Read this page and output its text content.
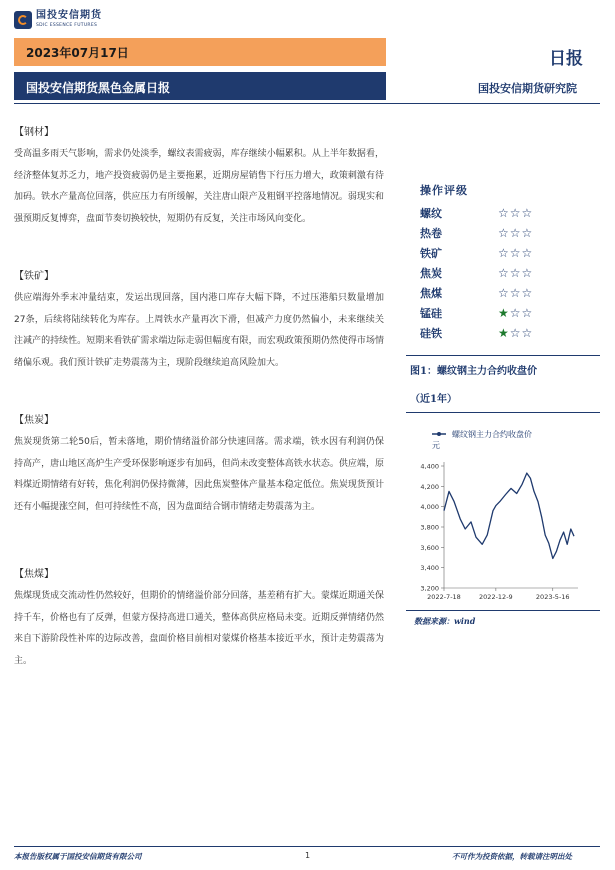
国投安信期货
SDIC ESSENCE FUTURES
2023年07月17日	日报
国投安信期货黑色金属日报	国投安信期货研究院
【钢材】
受高温多雨天气影响，需求仍处淡季，螺纹表需疲弱，库存继续小幅累积。从上半年数据看，经济整体复苏乏力，地产投资疲弱仍是主要拖累，近期房屋销售下行压力增大，政策刺激有待加码。铁水产量高位回落，供应压力有所缓解，关注唐山限产及粗钢平控落地情况。弱现实和强预期反复博弈，盘面节奏切换较快，短期仍有反复，关注市场风向变化。
【铁矿】
供应端海外季末冲量结束，发运出现回落，国内港口库存大幅下降，不过压港船只数量增加27条，后续将陆续转化为库存。上周铁水产量再次下滑，但减产力度仍然偏小，未来继续关注减产的持续性。短期来看铁矿需求端边际走弱但幅度有限，而宏观政策预期仍然使得市场情绪偏乐观。我们预计铁矿走势震荡为主，现阶段继续追高风险加大。
【焦炭】
焦炭现货第二轮50后，暂未落地，期价情绪溢价部分快速回落。需求端，铁水因有利润仍保持高产，唐山地区高炉生产受环保影响逐步有加码，但尚未改变整体高铁水状态。供应端，原料煤近期情绪有好转，焦化利润仍保持微薄，因此焦炭整体产量基本稳定低位。焦炭现货预计还有小幅提涨空间，但可持续性不高，因为盘面结合钢市情绪走势震荡为主。
【焦煤】
焦煤现货成交流动性仍然较好，但期价的情绪溢价部分回落，基差稍有扩大。蒙煤近期通关保持千车，价格也有了反弹，但蒙方保持高进口通关，整体高供应格局未变。近期反弹情绪仍然来自下游阶段性补库的边际改善，盘面价格目前相对蒙煤价格基本接近平水，预计走势震荡为主。
操作评级
螺纹	☆☆☆
热卷	☆☆☆
铁矿	☆☆☆
焦炭	☆☆☆
焦煤	☆☆☆
锰硅	★☆☆
硅铁	★☆☆
图1：螺纹钢主力合约收盘价
（近1年）
螺纹钢主力合约收盘价
元
3,200
3,400
3,600
3,800
4,000
4,200
4,400
2022-7-18	2022-12-9	2023-5-16
数据来源：wind
本报告版权属于国投安信期货有限公司	1	不可作为投资依据，转载请注明出处
